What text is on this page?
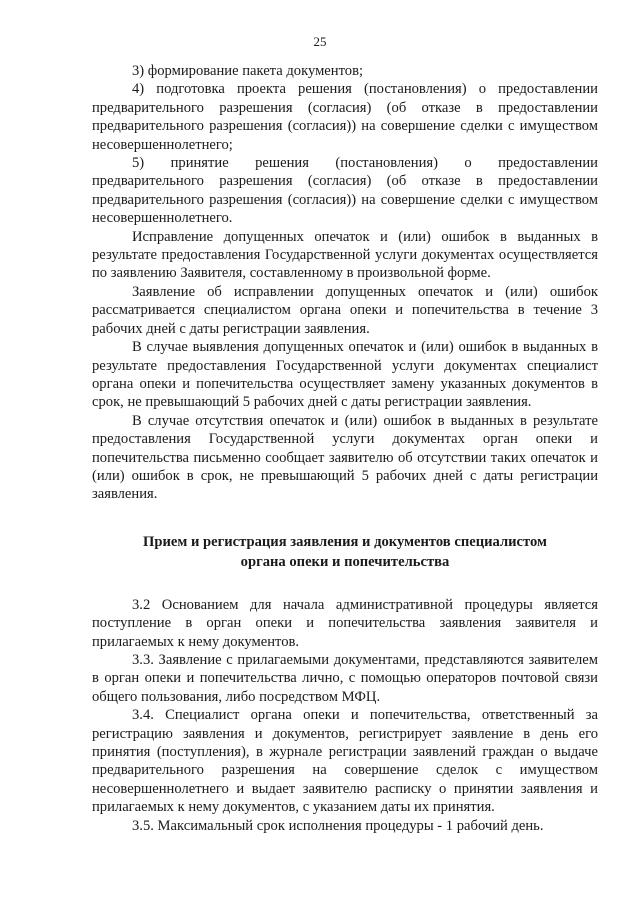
25

3) формирование пакета документов;

4) подготовка проекта решения (постановления) о предоставлении предварительного разрешения (согласия) (об отказе в предоставлении предварительного разрешения (согласия)) на совершение сделки с имуществом несовершеннолетнего;

5) принятие решения (постановления) о предоставлении предварительного разрешения (согласия) (об отказе в предоставлении предварительного разрешения (согласия)) на совершение сделки с имуществом несовершеннолетнего.

Исправление допущенных опечаток и (или) ошибок в выданных в результате предоставления Государственной услуги документах осуществляется по заявлению Заявителя, составленному в произвольной форме.

Заявление об исправлении допущенных опечаток и (или) ошибок рассматривается специалистом органа опеки и попечительства в течение 3 рабочих дней с даты регистрации заявления.

В случае выявления допущенных опечаток и (или) ошибок в выданных в результате предоставления Государственной услуги документах специалист органа опеки и попечительства осуществляет замену указанных документов в срок, не превышающий 5 рабочих дней с даты регистрации заявления.

В случае отсутствия опечаток и (или) ошибок в выданных в результате предоставления Государственной услуги документах орган опеки и попечительства письменно сообщает заявителю об отсутствии таких опечаток и (или) ошибок в срок, не превышающий 5 рабочих дней с даты регистрации заявления.

Прием и регистрация заявления и документов специалистом
органа опеки и попечительства

3.2 Основанием для начала административной процедуры является поступление в орган опеки и попечительства заявления заявителя и прилагаемых к нему документов.

3.3. Заявление с прилагаемыми документами, представляются заявителем в орган опеки и попечительства лично, с помощью операторов почтовой связи общего пользования, либо посредством МФЦ.

3.4. Специалист органа опеки и попечительства, ответственный за регистрацию заявления и документов, регистрирует заявление в день его принятия (поступления), в журнале регистрации заявлений граждан о выдаче предварительного разрешения на совершение сделок с имуществом несовершеннолетнего и выдает заявителю расписку о принятии заявления и прилагаемых к нему документов, с указанием даты их принятия.

3.5. Максимальный срок исполнения процедуры - 1 рабочий день.
